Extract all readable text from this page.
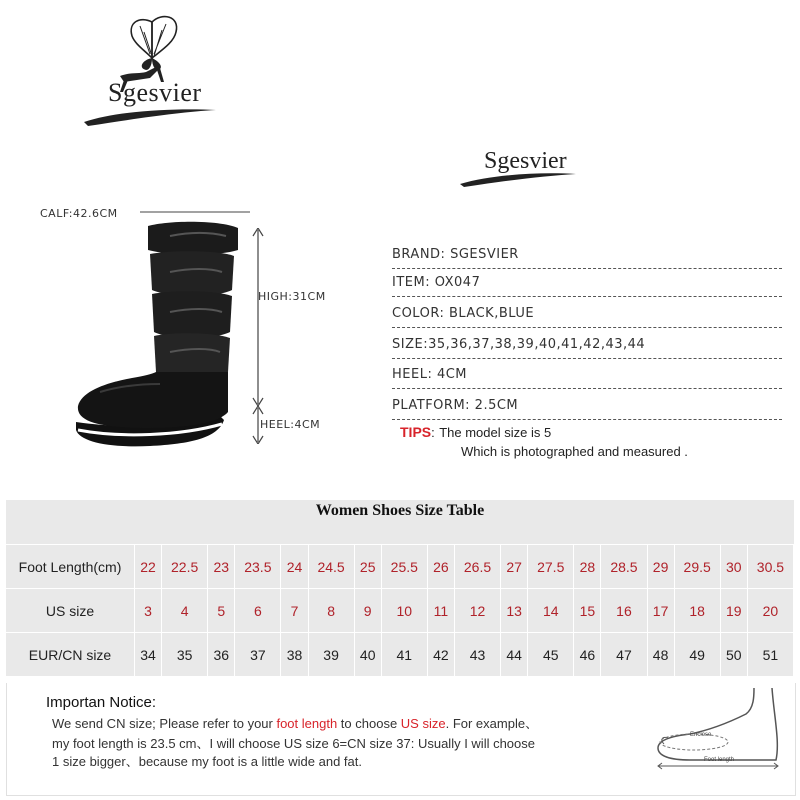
Sgesvier
Sgesvier
CALF:42.6CM
HIGH:31CM
HEEL:4CM
BRAND: SGESVIER
ITEM: OX047
COLOR: BLACK,BLUE
SIZE:35,36,37,38,39,40,41,42,43,44
HEEL: 4CM
PLATFORM: 2.5CM
TIPS: The model size is 5
Which is photographed and measured .
Women Shoes Size Table
Foot Length(cm)	22	22.5	23	23.5	24	24.5	25	25.5	26	26.5	27	27.5	28	28.5	29	29.5	30	30.5
US size	3	4	5	6	7	8	9	10	11	12	13	14	15	16	17	18	19	20
EUR/CN size	34	35	36	37	38	39	40	41	42	43	44	45	46	47	48	49	50	51
Importan Notice:
We send CN size; Please refer to your foot length to choose US size. For example、
my foot length is 23.5 cm、I will choose US size 6=CN size 37: Usually I will choose
1 size bigger、because my foot is a little wide and fat.
Enclose
Foot length
